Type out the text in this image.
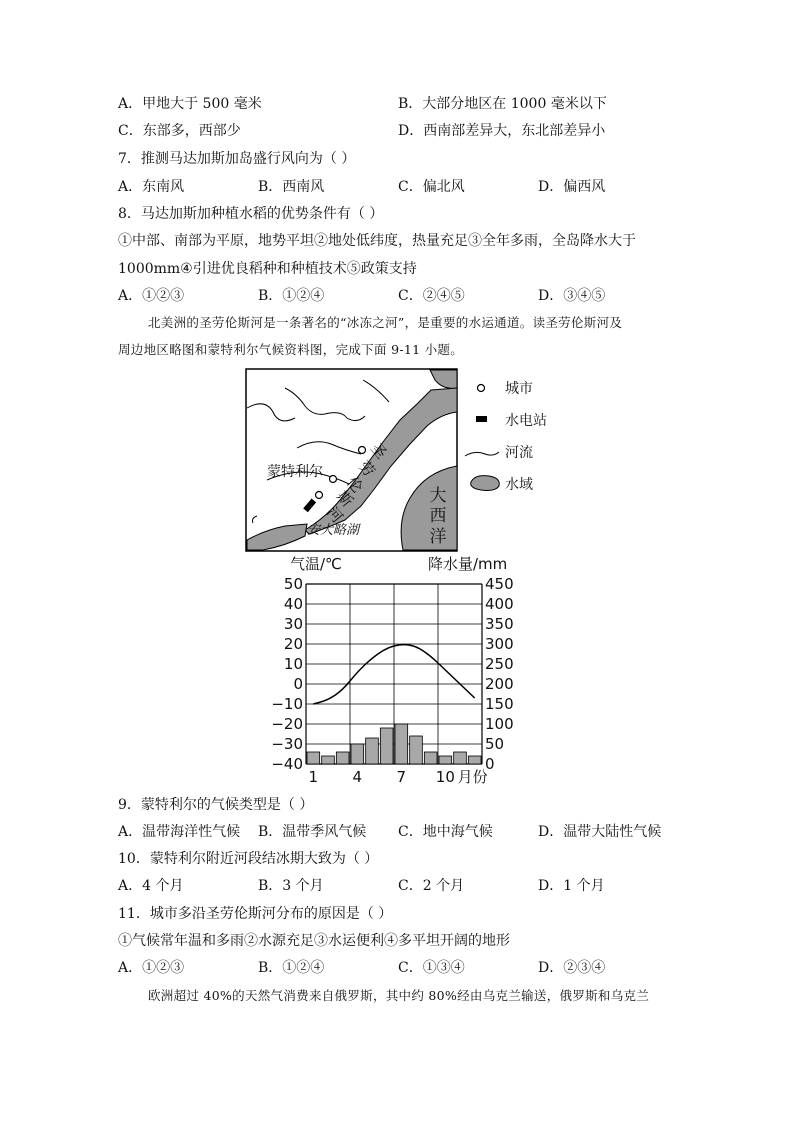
A．甲地大于 500 毫米	B．大部分地区在 1000 毫米以下
C．东部多，西部少	D．西南部差异大，东北部差异小
7．推测马达加斯加岛盛行风向为（ ）
A．东南风	B．西南风	C．偏北风	D．偏西风
8．马达加斯加种植水稻的优势条件有（ ）
①中部、南部为平原，地势平坦②地处低纬度，热量充足③全年多雨，全岛降水大于
1000mm④引进优良稻种和种植技术⑤政策支持
A．①②③	B．①②④	C．②④⑤	D．③④⑤
北美洲的圣劳伦斯河是一条著名的“冰冻之河”，是重要的水运通道。读圣劳伦斯河及
周边地区略图和蒙特利尔气候资料图，完成下面 9-11 小题。
蒙特利尔
安大略湖
圣
劳
伦
斯
河
大
西
洋
城市
水电站
河流
水域
气温/℃	降水量/mm
50	450
40	400
30	350
20	300
10	250
0	200
−10	150
−20	100
−30	50
−40	0
1 4 7 10 月份
9．蒙特利尔的气候类型是（ ）
A．温带海洋性气候 B．温带季风气候 C．地中海气候	D．温带大陆性气候
10．蒙特利尔附近河段结冰期大致为（ ）
A．4 个月	B．3 个月	C．2 个月	D．1 个月
11．城市多沿圣劳伦斯河分布的原因是（ ）
①气候常年温和多雨②水源充足③水运便利④多平坦开阔的地形
A．①②③	B．①②④	C．①③④	D．②③④
欧洲超过 40%的天然气消费来自俄罗斯，其中约 80%经由乌克兰输送，俄罗斯和乌克兰
